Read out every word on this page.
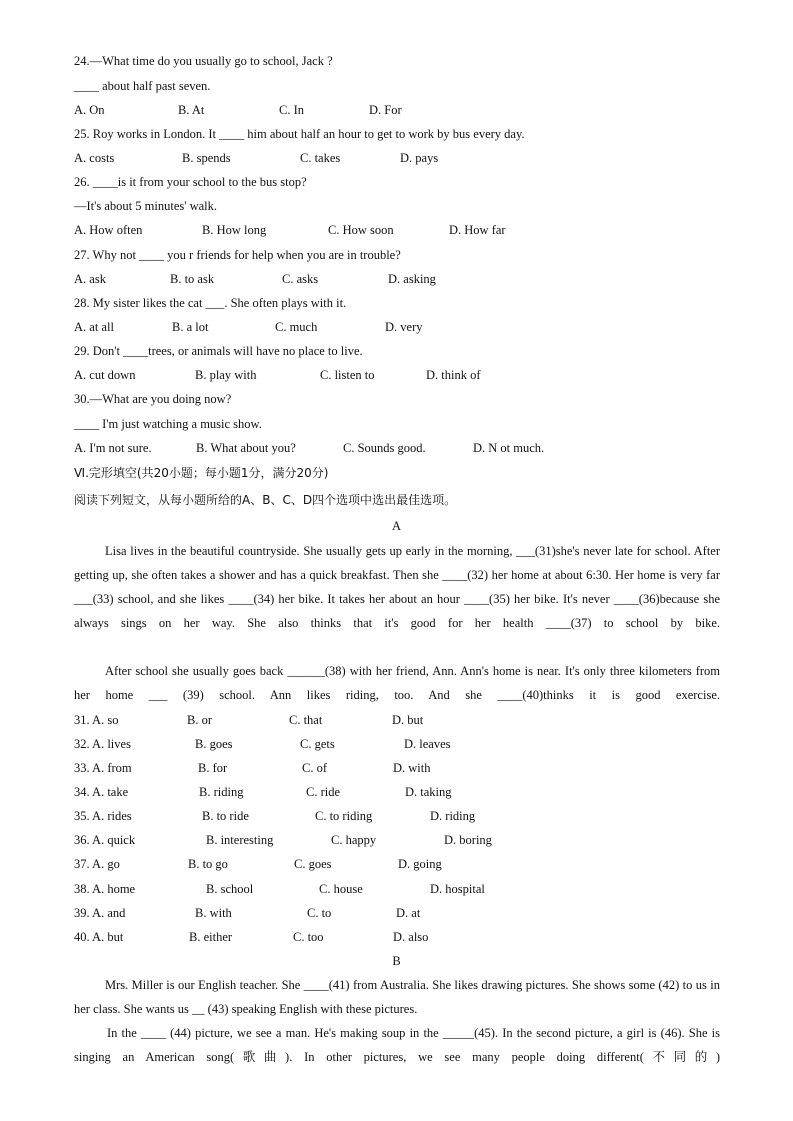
24.—What time do you usually go to school, Jack ?
____ about half past seven.
A. On	B. At	C. In	D. For
25. Roy works in London. It ____ him about half an hour to get to work by bus every day.
A. costs	B. spends	C. takes	D. pays
26. ____is it from your school to the bus stop?
—It's about 5 minutes' walk.
A. How often	B. How long	C. How soon	D. How far
27. Why not ____ you r friends for help when you are in trouble?
A. ask	B. to ask	C. asks	D. asking
28. My sister likes the cat ___. She often plays with it.
A. at all	B. a lot	C. much	D. very
29. Don't ____trees, or animals will have no place to live.
A. cut down	B. play with	C. listen to	D. think of
30.—What are you doing now?
____ I'm just watching a music show.
A. I'm not sure.	B. What about you?	C. Sounds good.	D. N ot much.
Ⅵ.完形填空(共20小题；每小题1分，满分20分)
阅读下列短文，从每小题所给的A、B、C、D四个选项中选出最佳选项。
A
Lisa lives in the beautiful countryside. She usually gets up early in the morning, ___(31)she's never late for school. After getting up, she often takes a shower and has a quick breakfast. Then she ____(32) her home at about 6:30. Her home is very far ___(33) school, and she likes ____(34) her bike. It takes her about an hour ____(35) her bike. It's never ____(36)because she always sings on her way. She also thinks that it's good for her health ____(37) to school by bike.
After school she usually goes back ______(38) with her friend, Ann. Ann's home is near. It's only three kilometers from her home ___ (39) school. Ann likes riding, too. And she ____(40)thinks it is good exercise.
31. A. so	B. or	C. that	D. but
32. A. lives	B. goes	C. gets	D. leaves
33. A. from	B. for	C. of	D. with
34. A. take	B. riding	C. ride	D. taking
35. A. rides	B. to ride	C. to riding	D. riding
36. A. quick	B. interesting	C. happy	D. boring
37. A. go	B. to go	C. goes	D. going
38. A. home	B. school	C. house	D. hospital
39. A. and	B. with	C. to	D. at
40. A. but	B. either	C. too	D. also
B
Mrs. Miller is our English teacher. She ____(41) from Australia. She likes drawing pictures. She shows some (42) to us in her class. She wants us __ (43) speaking English with these pictures.
In the ____ (44) picture, we see a man. He's making soup in the _____(45). In the second picture, a girl is (46). She is singing an American song(歌曲). In other pictures, we see many people doing different(不同的)
